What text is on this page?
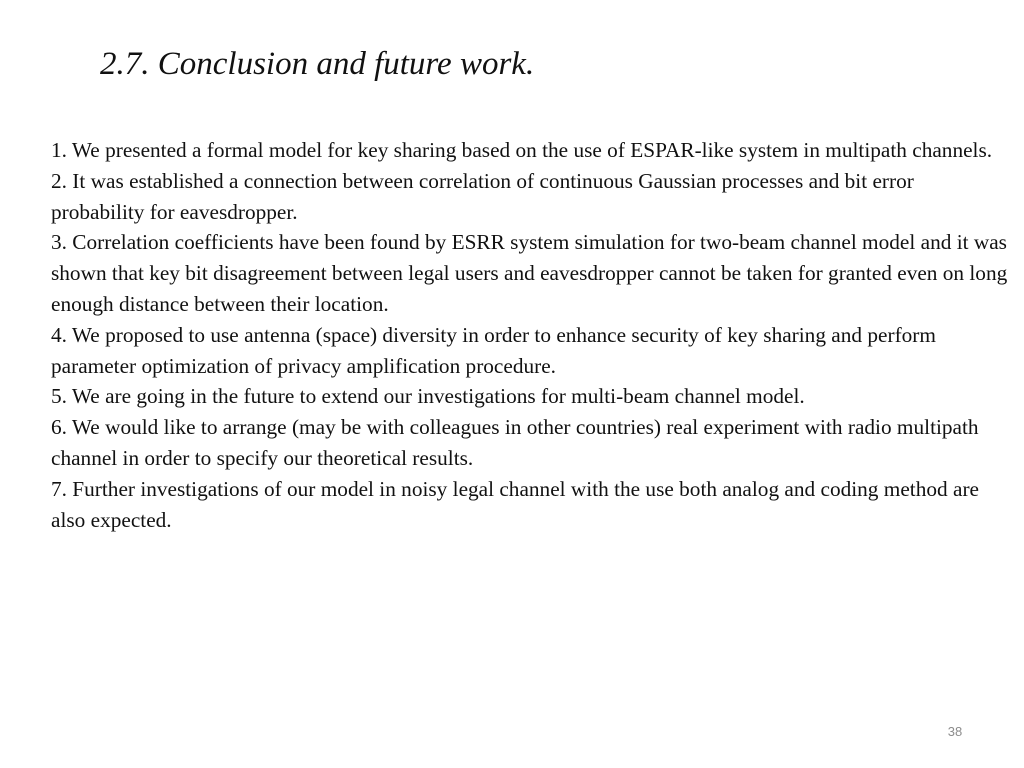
2.7. Conclusion and future work.
1. We presented a formal model for key sharing based on the use of ESPAR-like system in multipath channels.
2. It was established a connection between correlation of continuous Gaussian processes and bit error probability for eavesdropper.
3. Correlation coefficients have been found by ESRR system simulation for two-beam channel model and it was shown that key bit disagreement between legal users and eavesdropper cannot be taken for granted even on long enough distance between their location.
4. We proposed to use antenna (space) diversity in order to enhance security of key sharing and perform parameter optimization of privacy amplification procedure.
5. We are going in the future to extend our investigations for multi-beam channel model.
6. We would like to arrange (may be with colleagues in other countries) real experiment with radio multipath channel in order to specify our theoretical results.
7. Further investigations of our model in noisy legal channel with the use both analog and coding method are also expected.
38
